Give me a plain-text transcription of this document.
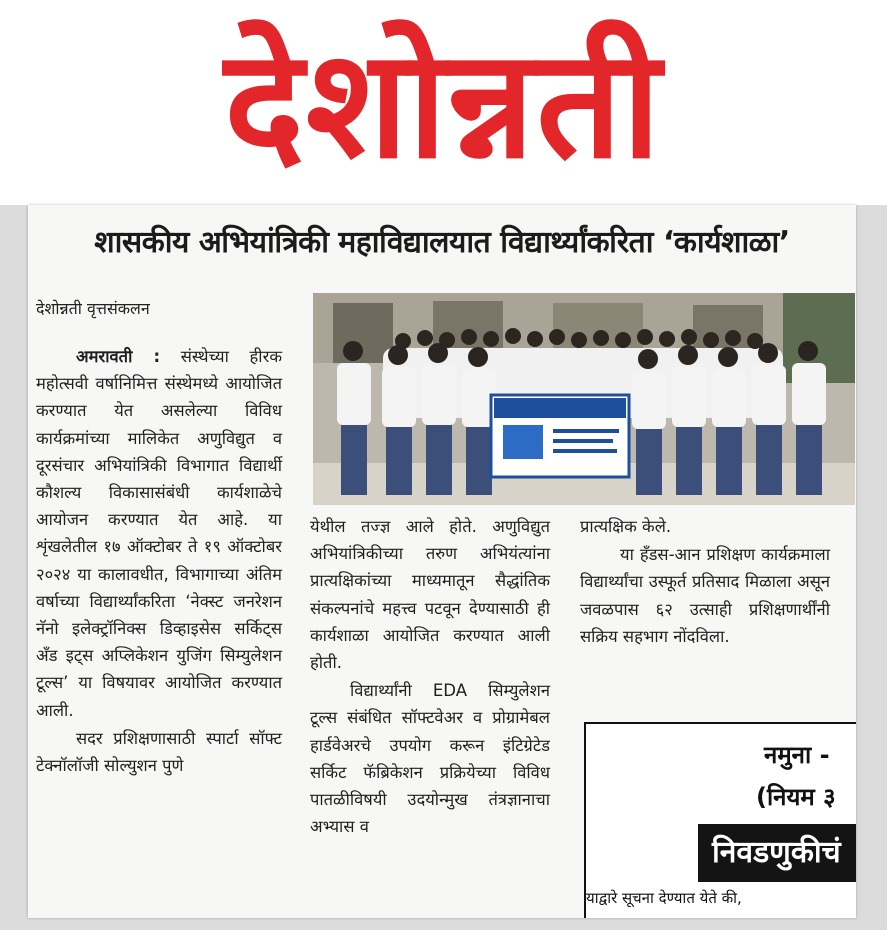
देशोन्नती
शासकीय अभियांत्रिकी महाविद्यालयात विद्यार्थ्यांकरिता ‘कार्यशाळा’
देशोन्नती वृत्तसंकलन

अमरावती : संस्थेच्या हीरक महोत्सवी वर्षानिमित्त संस्थेमध्ये आयोजित करण्यात येत असलेल्या विविध कार्यक्रमांच्या मालिकेत अणुविद्युत व दूरसंचार अभियांत्रिकी विभागात विद्यार्थी कौशल्य विकासासंबंधी कार्यशाळेचे आयोजन करण्यात येत आहे. या शृंखलेतील १७ ऑक्टोबर ते १९ ऑक्टोबर २०२४ या कालावधीत, विभागाच्या अंतिम वर्षाच्या विद्यार्थ्यांकरिता ‘नेक्स्ट जनरेशन नॅनो इलेक्ट्रॉनिक्स डिव्हाइसेस सर्किट्स अँड इट्स अप्लिकेशन युजिंग सिम्युलेशन टूल्स’ या विषयावर आयोजित करण्यात आली.

सदर प्रशिक्षणासाठी स्पार्टा सॉफ्ट टेक्नॉलॉजी सोल्युशन पुणे

येथील तज्ज्ञ आले होते. अणुविद्युत अभियांत्रिकीच्या तरुण अभियंत्यांना प्रात्यक्षिकांच्या माध्यमातून सैद्धांतिक संकल्पनांचे महत्त्व पटवून देण्यासाठी ही कार्यशाळा आयोजित करण्यात आली होती.

विद्यार्थ्यांनी EDA सिम्युलेशन टूल्स संबंधित सॉफ्टवेअर व प्रोग्रामेबल हार्डवेअरचे उपयोग करून इंटिग्रेटेड सर्किट फॅब्रिकेशन प्रक्रियेच्या विविध पातळीविषयी उदयोन्मुख तंत्रज्ञानाचा अभ्यास व

प्रात्यक्षिक केले.

या हँडस-आन प्रशिक्षण कार्यक्रमाला विद्यार्थ्यांचा उस्फूर्त प्रतिसाद मिळाला असून जवळपास ६२ उत्साही प्रशिक्षणार्थींनी सक्रिय सहभाग नोंदविला.

नमुना -
(नियम ३
निवडणुकीचं
याद्वारे सूचना देण्यात येते की,
